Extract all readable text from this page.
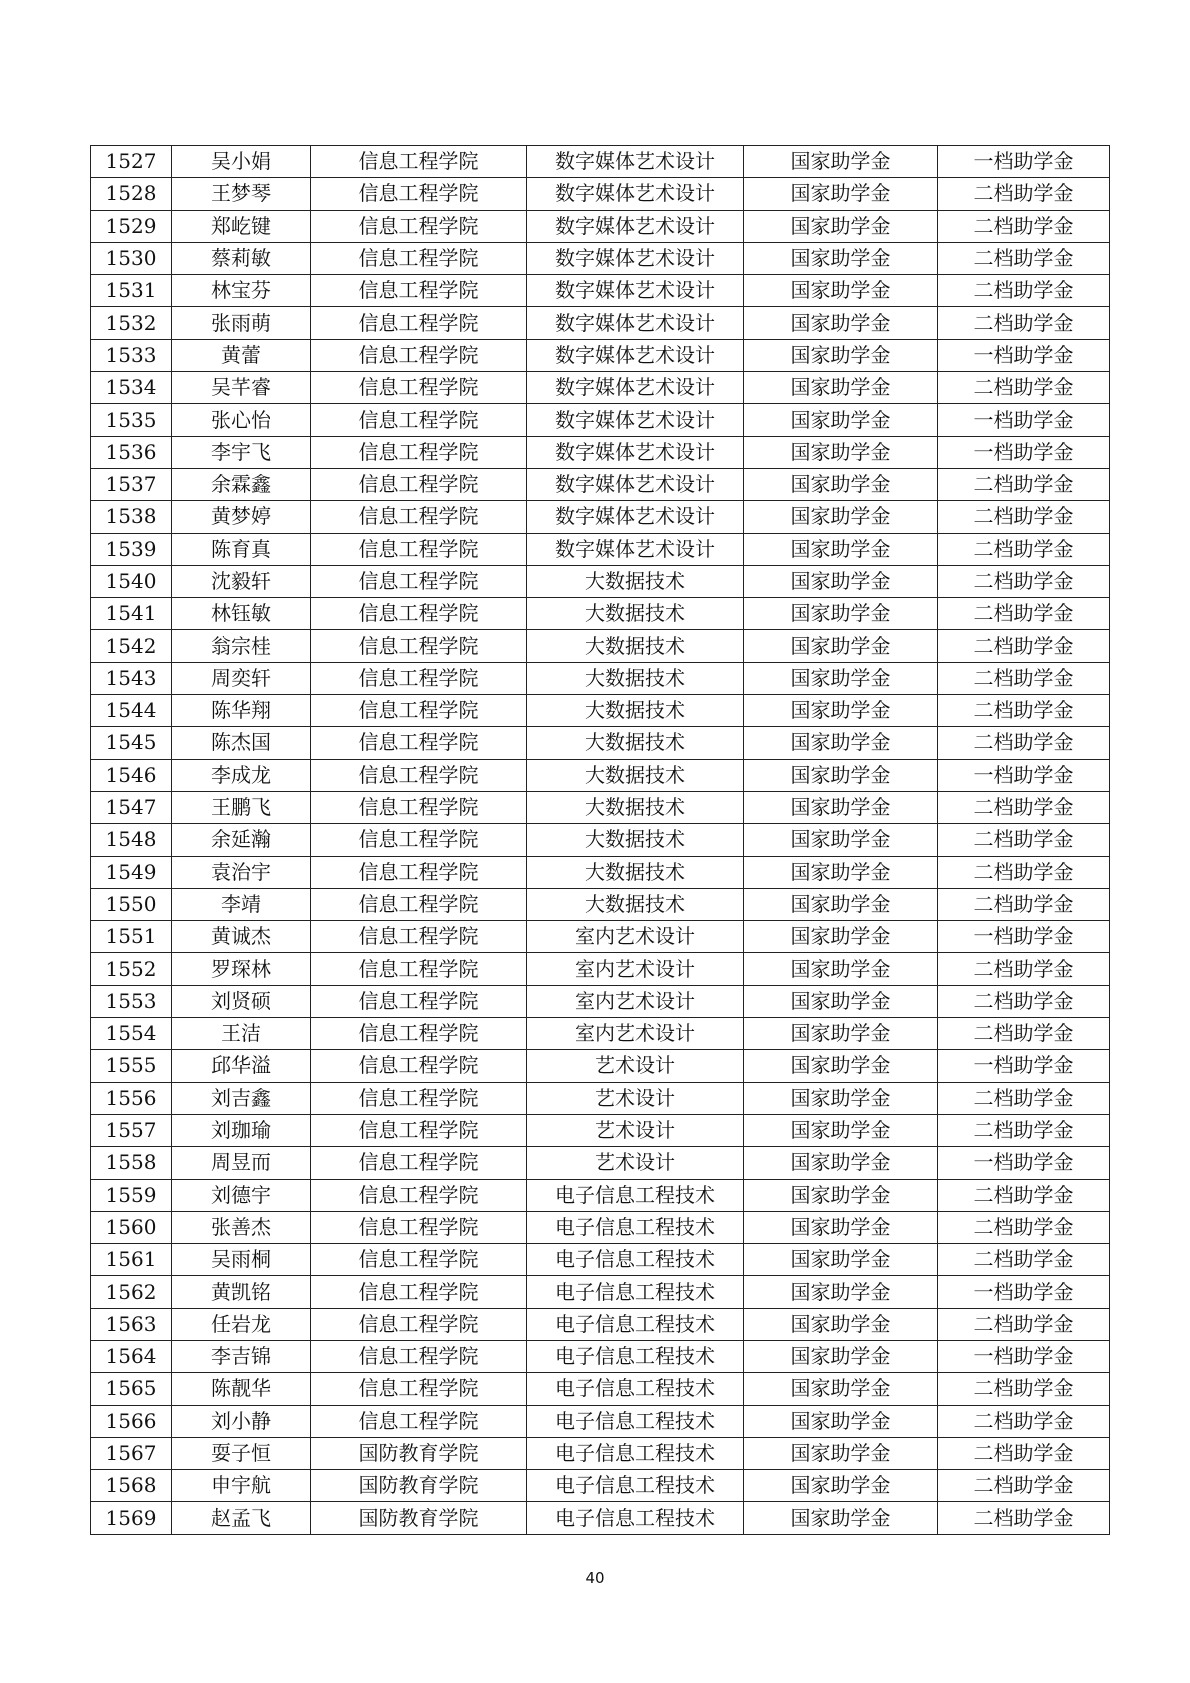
1527	吴小娟	信息工程学院	数字媒体艺术设计	国家助学金	一档助学金
1528	王梦琴	信息工程学院	数字媒体艺术设计	国家助学金	二档助学金
1529	郑屹键	信息工程学院	数字媒体艺术设计	国家助学金	二档助学金
1530	蔡莉敏	信息工程学院	数字媒体艺术设计	国家助学金	二档助学金
1531	林宝芬	信息工程学院	数字媒体艺术设计	国家助学金	二档助学金
1532	张雨萌	信息工程学院	数字媒体艺术设计	国家助学金	二档助学金
1533	黄蕾	信息工程学院	数字媒体艺术设计	国家助学金	一档助学金
1534	吴芊睿	信息工程学院	数字媒体艺术设计	国家助学金	二档助学金
1535	张心怡	信息工程学院	数字媒体艺术设计	国家助学金	一档助学金
1536	李宇飞	信息工程学院	数字媒体艺术设计	国家助学金	一档助学金
1537	余霖鑫	信息工程学院	数字媒体艺术设计	国家助学金	二档助学金
1538	黄梦婷	信息工程学院	数字媒体艺术设计	国家助学金	二档助学金
1539	陈育真	信息工程学院	数字媒体艺术设计	国家助学金	二档助学金
1540	沈毅轩	信息工程学院	大数据技术	国家助学金	二档助学金
1541	林钰敏	信息工程学院	大数据技术	国家助学金	二档助学金
1542	翁宗桂	信息工程学院	大数据技术	国家助学金	二档助学金
1543	周奕轩	信息工程学院	大数据技术	国家助学金	二档助学金
1544	陈华翔	信息工程学院	大数据技术	国家助学金	二档助学金
1545	陈杰国	信息工程学院	大数据技术	国家助学金	二档助学金
1546	李成龙	信息工程学院	大数据技术	国家助学金	一档助学金
1547	王鹏飞	信息工程学院	大数据技术	国家助学金	二档助学金
1548	余延瀚	信息工程学院	大数据技术	国家助学金	二档助学金
1549	袁治宇	信息工程学院	大数据技术	国家助学金	二档助学金
1550	李靖	信息工程学院	大数据技术	国家助学金	二档助学金
1551	黄诚杰	信息工程学院	室内艺术设计	国家助学金	一档助学金
1552	罗琛林	信息工程学院	室内艺术设计	国家助学金	二档助学金
1553	刘贤硕	信息工程学院	室内艺术设计	国家助学金	二档助学金
1554	王洁	信息工程学院	室内艺术设计	国家助学金	二档助学金
1555	邱华溢	信息工程学院	艺术设计	国家助学金	一档助学金
1556	刘吉鑫	信息工程学院	艺术设计	国家助学金	二档助学金
1557	刘珈瑜	信息工程学院	艺术设计	国家助学金	二档助学金
1558	周昱而	信息工程学院	艺术设计	国家助学金	一档助学金
1559	刘德宇	信息工程学院	电子信息工程技术	国家助学金	二档助学金
1560	张善杰	信息工程学院	电子信息工程技术	国家助学金	二档助学金
1561	吴雨桐	信息工程学院	电子信息工程技术	国家助学金	二档助学金
1562	黄凯铭	信息工程学院	电子信息工程技术	国家助学金	一档助学金
1563	任岩龙	信息工程学院	电子信息工程技术	国家助学金	二档助学金
1564	李吉锦	信息工程学院	电子信息工程技术	国家助学金	一档助学金
1565	陈靓华	信息工程学院	电子信息工程技术	国家助学金	二档助学金
1566	刘小静	信息工程学院	电子信息工程技术	国家助学金	二档助学金
1567	耍子恒	国防教育学院	电子信息工程技术	国家助学金	二档助学金
1568	申宇航	国防教育学院	电子信息工程技术	国家助学金	二档助学金
1569	赵孟飞	国防教育学院	电子信息工程技术	国家助学金	二档助学金
40
